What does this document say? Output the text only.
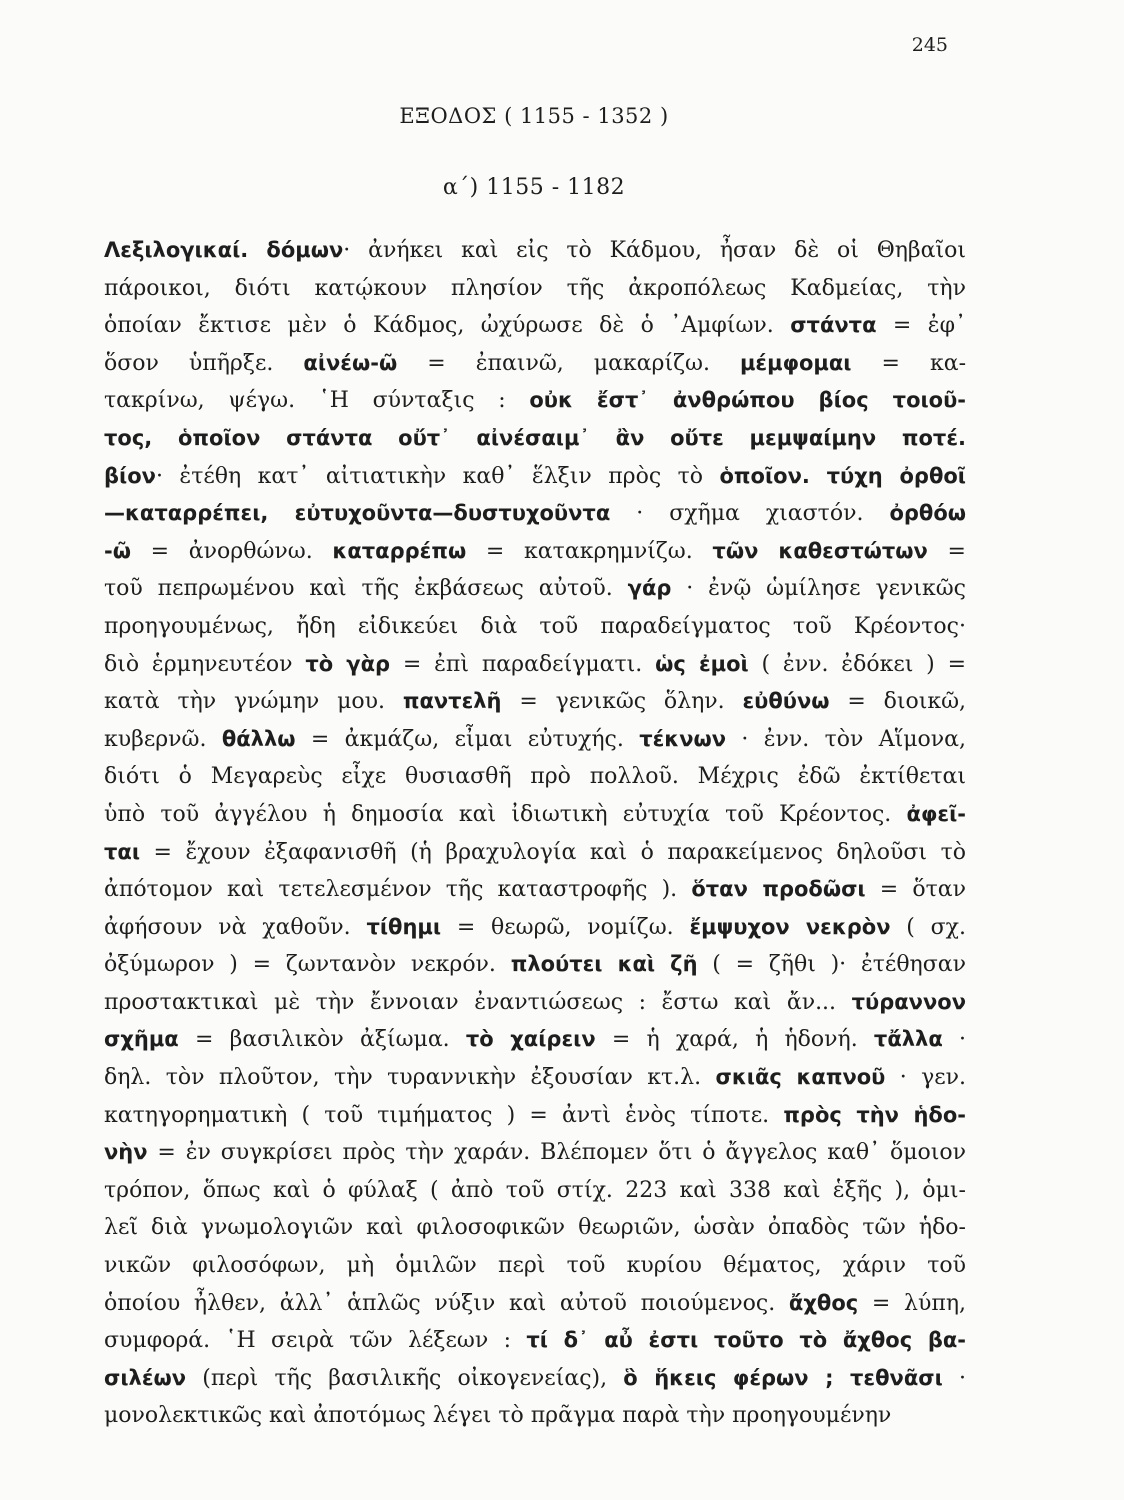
245
ΕΞΟΔΟΣ ( 1155 - 1352 )
α΄) 1155 - 1182
Λεξιλογικαί. δόμων· ἀνήκει καὶ εἰς τὸ Κάδμου, ἦσαν δὲ οἱ Θηβαῖοι
πάροικοι, διότι κατῴκουν πλησίον τῆς ἀκροπόλεως Καδμείας, τὴν
ὁποίαν ἔκτισε μὲν ὁ Κάδμος, ὠχύρωσε δὲ ὁ ᾿Αμφίων. στάντα = ἐφ᾿
ὅσον ὑπῆρξε. αἰνέω-ῶ = ἐπαινῶ, μακαρίζω. μέμφομαι = κα-
τακρίνω, ψέγω. ῾Η σύνταξις : οὐκ ἔστ᾿ ἀνθρώπου βίος τοιοῦ-
τος, ὁποῖον στάντα οὔτ᾿ αἰνέσαιμ᾿ ἂν οὔτε μεμψαίμην ποτέ.
βίον· ἐτέθη κατ᾿ αἰτιατικὴν καθ᾿ ἕλξιν πρὸς τὸ ὁποῖον. τύχη ὀρθοῖ
—καταρρέπει, εὐτυχοῦντα—δυστυχοῦντα · σχῆμα χιαστόν. ὀρθόω
-ῶ = ἀνορθώνω. καταρρέπω = κατακρημνίζω. τῶν καθεστώτων =
τοῦ πεπρωμένου καὶ τῆς ἐκβάσεως αὐτοῦ. γάρ · ἐνῷ ὡμίλησε γενικῶς
προηγουμένως, ἤδη εἰδικεύει διὰ τοῦ παραδείγματος τοῦ Κρέοντος·
διὸ ἑρμηνευτέον τὸ γὰρ = ἐπὶ παραδείγματι. ὡς ἐμοὶ ( ἐνν. ἐδόκει ) =
κατὰ τὴν γνώμην μου. παντελῆ = γενικῶς ὅλην. εὐθύνω = διοικῶ,
κυβερνῶ. θάλλω = ἀκμάζω, εἶμαι εὐτυχής. τέκνων · ἐνν. τὸν Αἵμονα,
διότι ὁ Μεγαρεὺς εἶχε θυσιασθῆ πρὸ πολλοῦ. Μέχρις ἐδῶ ἐκτίθεται
ὑπὸ τοῦ ἀγγέλου ἡ δημοσία καὶ ἰδιωτικὴ εὐτυχία τοῦ Κρέοντος. ἀφεῖ-
ται = ἔχουν ἐξαφανισθῆ (ἡ βραχυλογία καὶ ὁ παρακείμενος δηλοῦσι τὸ
ἀπότομον καὶ τετελεσμένον τῆς καταστροφῆς ). ὅταν προδῶσι = ὅταν
ἀφήσουν νὰ χαθοῦν. τίθημι = θεωρῶ, νομίζω. ἔμψυχον νεκρὸν ( σχ.
ὀξύμωρον ) = ζωντανὸν νεκρόν. πλούτει καὶ ζῆ ( = ζῆθι )· ἐτέθησαν
προστακτικαὶ μὲ τὴν ἔννοιαν ἐναντιώσεως : ἔστω καὶ ἄν... τύραννον
σχῆμα = βασιλικὸν ἀξίωμα. τὸ χαίρειν = ἡ χαρά, ἡ ἡδονή. τἄλλα ·
δηλ. τὸν πλοῦτον, τὴν τυραννικὴν ἐξουσίαν κτ.λ. σκιᾶς καπνοῦ · γεν.
κατηγορηματικὴ ( τοῦ τιμήματος ) = ἀντὶ ἑνὸς τίποτε. πρὸς τὴν ἡδο-
νὴν = ἐν συγκρίσει πρὸς τὴν χαράν. Βλέπομεν ὅτι ὁ ἄγγελος καθ᾿ ὅμοιον
τρόπον, ὅπως καὶ ὁ φύλαξ ( ἀπὸ τοῦ στίχ. 223 καὶ 338 καὶ ἑξῆς ), ὁμι-
λεῖ διὰ γνωμολογιῶν καὶ φιλοσοφικῶν θεωριῶν, ὡσὰν ὀπαδὸς τῶν ἡδο-
νικῶν φιλοσόφων, μὴ ὁμιλῶν περὶ τοῦ κυρίου θέματος, χάριν τοῦ
ὁποίου ἦλθεν, ἀλλ᾿ ἁπλῶς νύξιν καὶ αὐτοῦ ποιούμενος. ἄχθος = λύπη,
συμφορά. ῾Η σειρὰ τῶν λέξεων : τί δ᾿ αὖ ἐστι τοῦτο τὸ ἄχθος βα-
σιλέων (περὶ τῆς βασιλικῆς οἰκογενείας), ὃ ἥκεις φέρων ; τεθνᾶσι ·
μονολεκτικῶς καὶ ἀποτόμως λέγει τὸ πρᾶγμα παρὰ τὴν προηγουμένην
